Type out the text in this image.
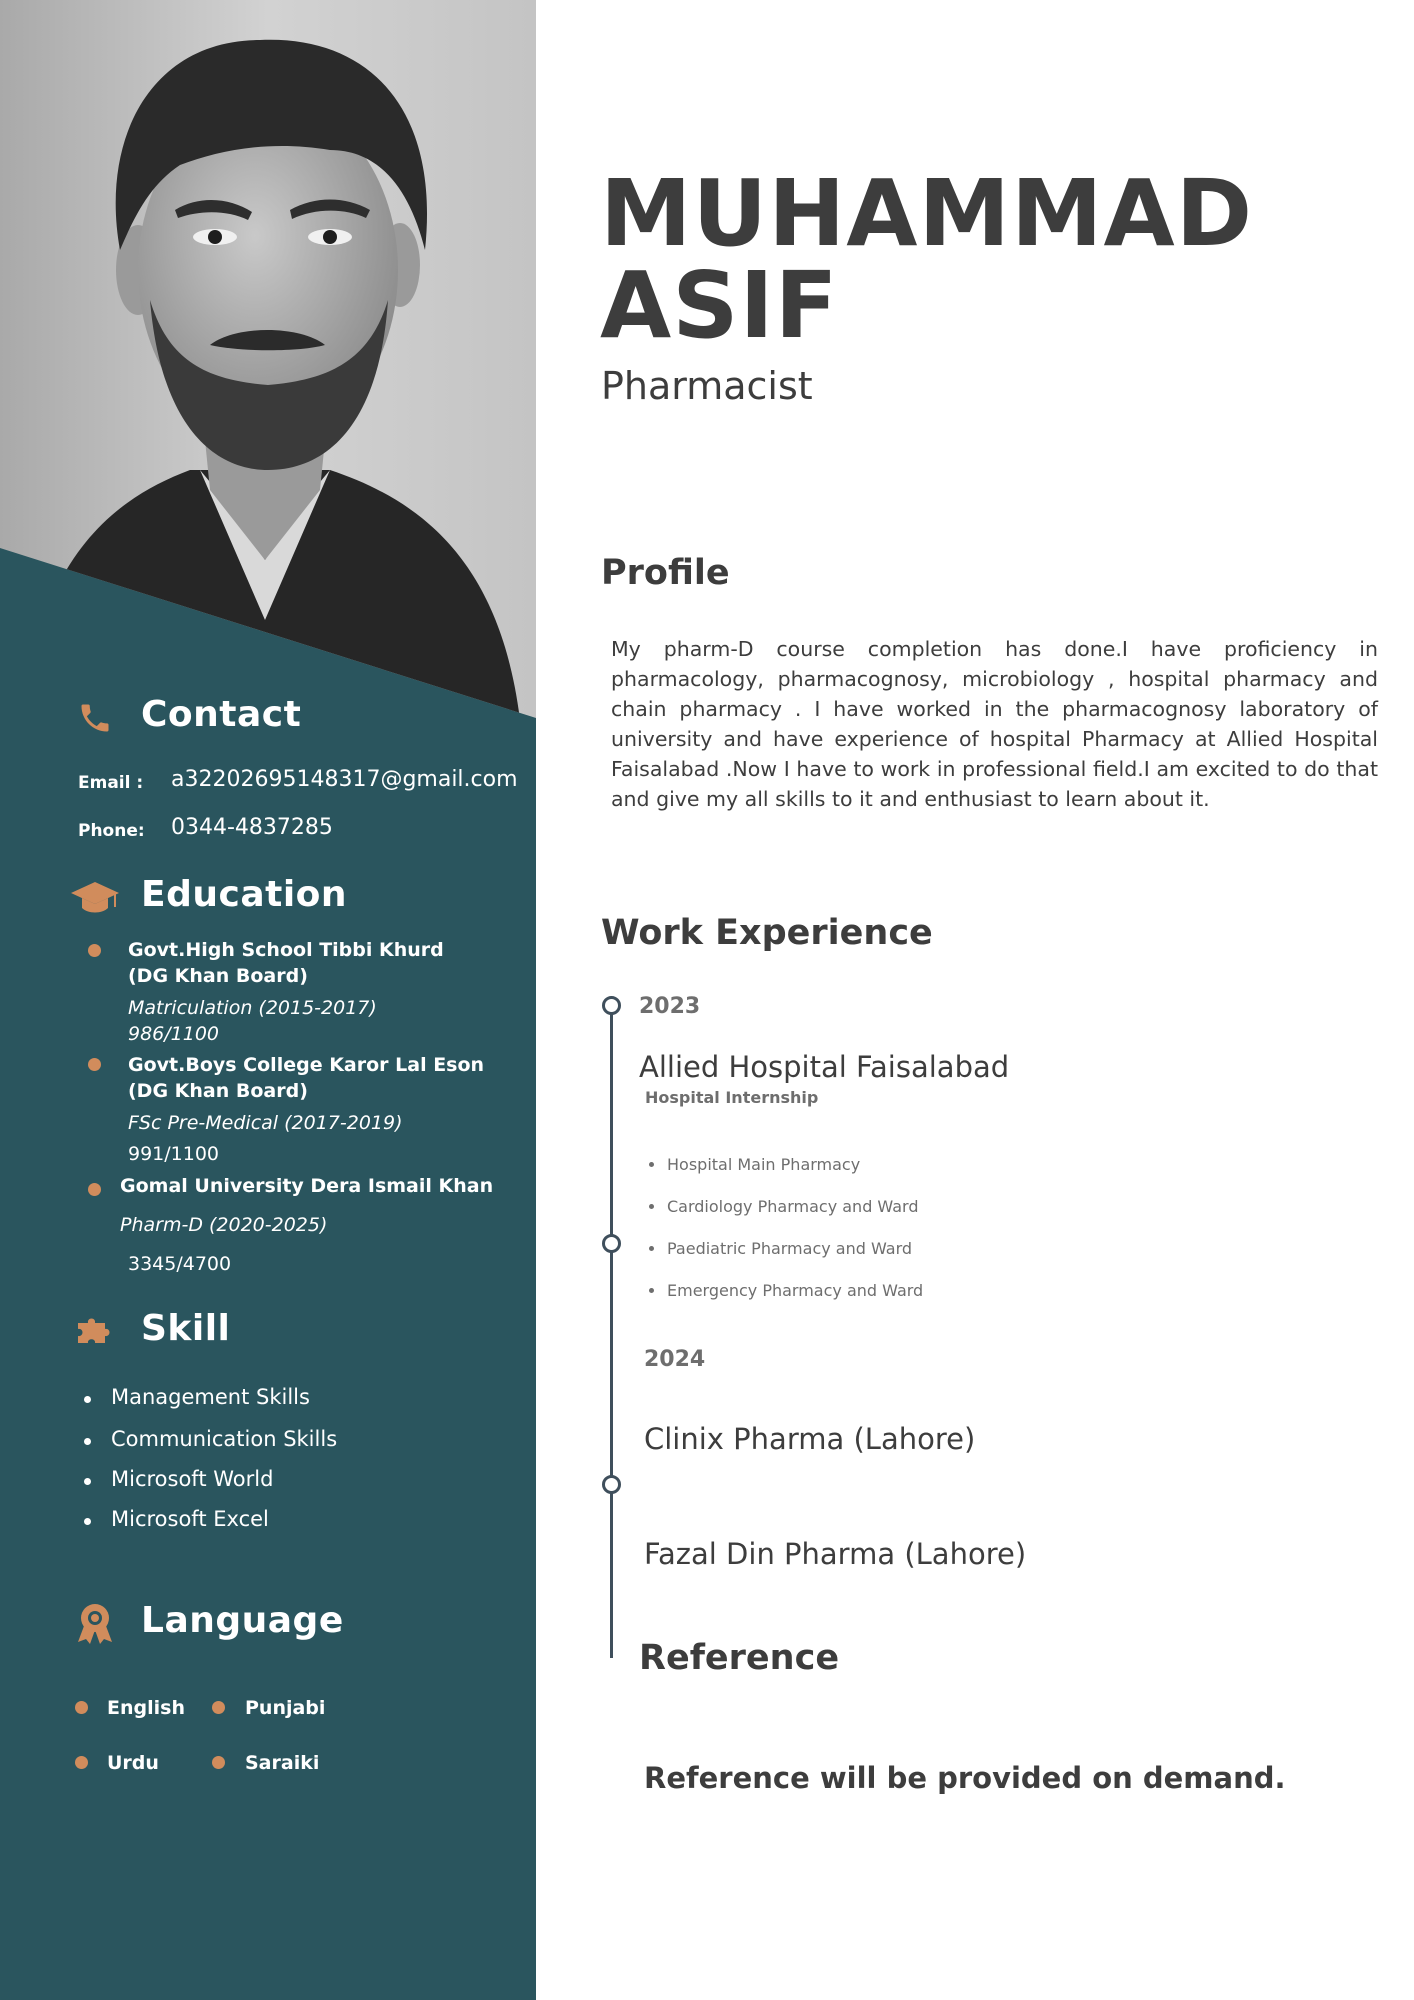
Contact

Email : a32202695148317@gmail.com

Phone: 0344-4837285

Education

Govt.High School Tibbi Khurd

(DG Khan Board)

Matriculation (2015-2017)

986/1100

Govt.Boys College Karor Lal Eson

(DG Khan Board)

FSc Pre-Medical (2017-2019)

991/1100

Gomal University Dera Ismail Khan

Pharm-D (2020-2025)

3345/4700

Skill

Management Skills

Communication Skills

Microsoft World

Microsoft Excel

Language

English	Punjabi

Urdu	Saraiki

MUHAMMAD
ASIF

Pharmacist

Profile

My pharm-D course completion has done.I have proficiency in pharmacology, pharmacognosy, microbiology , hospital pharmacy and chain pharmacy . I have worked in the pharmacognosy laboratory of university and have experience of hospital Pharmacy at Allied Hospital Faisalabad .Now I have to work in professional field.I am excited to do that and give my all skills to it and enthusiast to learn about it.

Work Experience

2023

Allied Hospital Faisalabad

Hospital Internship

Hospital Main Pharmacy

Cardiology Pharmacy and Ward

Paediatric Pharmacy and Ward

Emergency Pharmacy and Ward

2024

Clinix Pharma (Lahore)

Fazal Din Pharma (Lahore)

Reference

Reference will be provided on demand.
